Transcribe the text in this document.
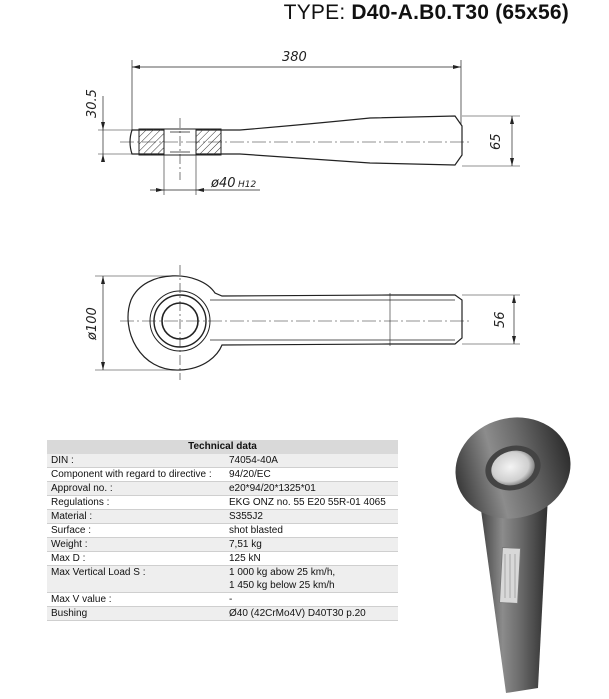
TYPE: D40-A.B0.T30 (65x56)
380
30.5
65
ø40 H12
ø100	56
Technical data
DIN :	74054-40A
Component with regard to directive :	94/20/EC
Approval no. :	e20*94/20*1325*01
Regulations :	EKG ONZ no. 55 E20 55R-01 4065
Material :	S355J2
Surface :	shot blasted
Weight :	7,51 kg
Max D :	125 kN
Max Vertical Load S :	1 000 kg abow 25 km/h,
1 450 kg below 25 km/h
Max V value :	-
Bushing	Ø40 (42CrMo4V) D40T30 p.20
